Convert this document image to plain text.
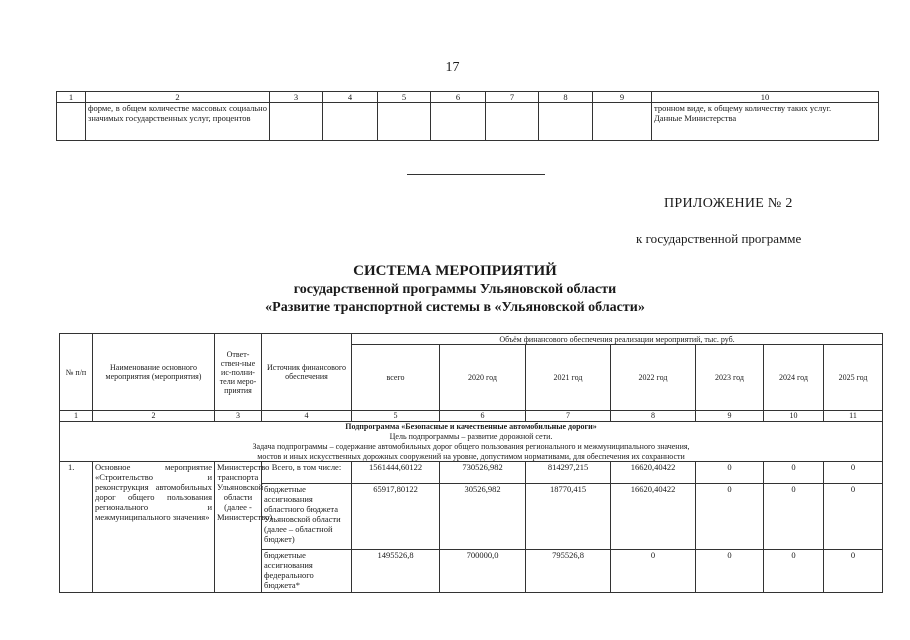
17
1	2	3	4	5	6	7	8	9	10
	форме, в общем количестве массовых социально значимых государственных услуг, процентов								тронном виде, к общему количеству таких услуг.
Данные Министерства
ПРИЛОЖЕНИЕ № 2
к государственной программе
СИСТЕМА МЕРОПРИЯТИЙ
государственной программы Ульяновской области
«Развитие транспортной системы в «Ульяновской области»
№ п/п	Наименование основного мероприятия (мероприятия)	Ответ-ствен-ные ис-полни-тели меро-приятия	Источник финансового обеспечения	Объём финансового обеспечения реализации мероприятий, тыс. руб.						
				всего	2020 год	2021 год	2022 год	2023 год	2024 год	2025 год
1	2	3	4	5	6	7	8	9	10	11
Подпрограмма «Безопасные и качественные автомобильные дороги»										
Цель подпрограммы – развитие дорожной сети.										
Задача подпрограммы – содержание автомобильных дорог общего пользования регионального и межмуниципального значения,										
мостов и иных искусственных дорожных сооружений на уровне, допустимом нормативами, для обеспечения их сохранности										
1.	Основное мероприятие «Строительство и реконструкция автомобильных дорог общего пользования регионального и межмуниципального значения»	Министерство транспорта Ульяновской области (далее - Министерство)	Всего, в том числе:	1561444,60122	730526,982	814297,215	16620,40422	0	0	0
			бюджетные ассигнования областного бюджета Ульяновской области (далее – областной бюджет)	65917,80122	30526,982	18770,415	16620,40422	0	0	0
			бюджетные ассигнования федерального бюджета*	1495526,8	700000,0	795526,8	0	0	0	0
